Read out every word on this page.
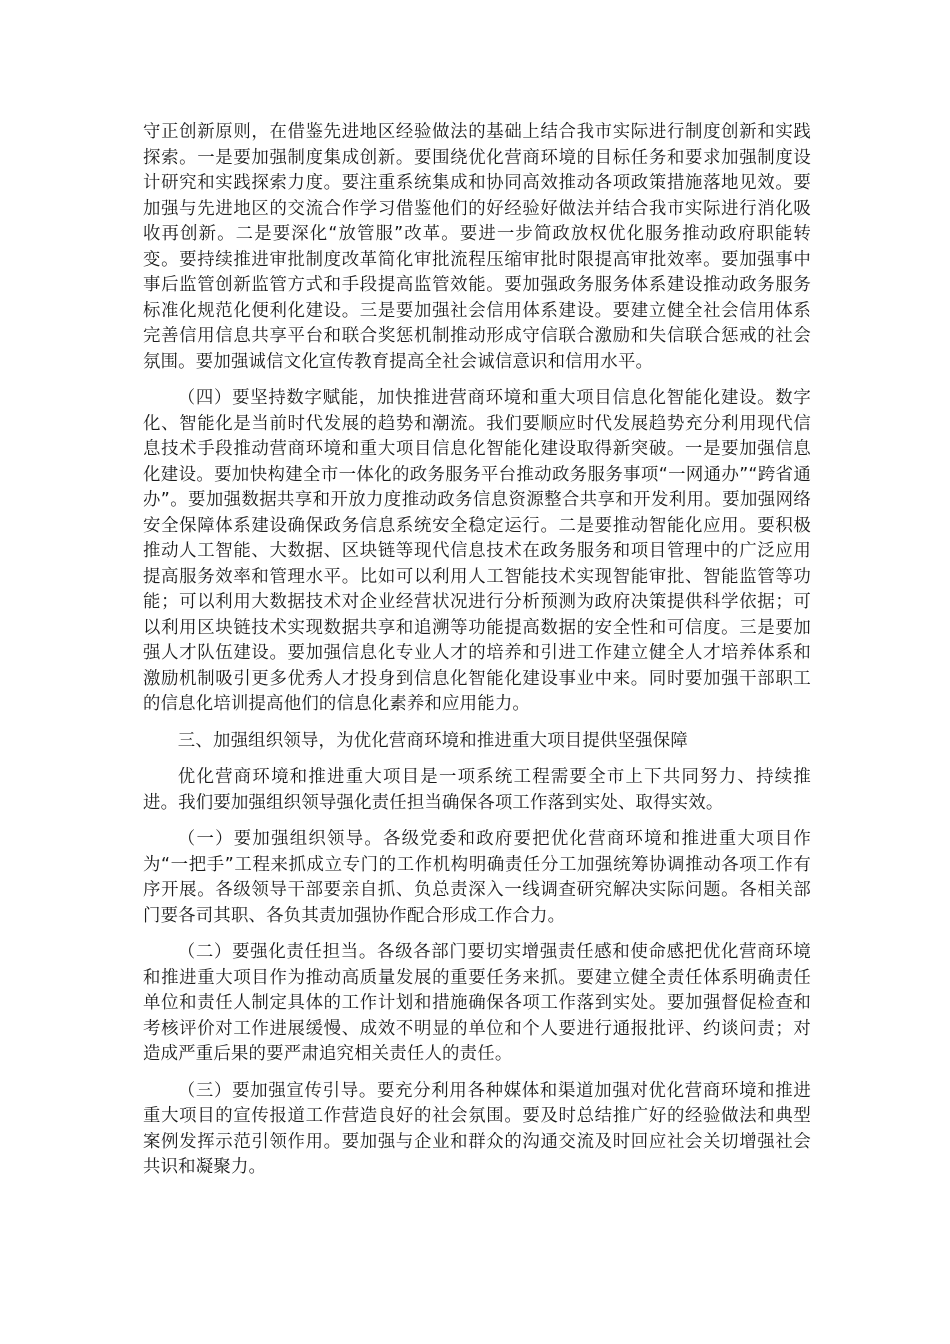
守正创新原则，在借鉴先进地区经验做法的基础上结合我市实际进行制度创新和实践探索。一是要加强制度集成创新。要围绕优化营商环境的目标任务和要求加强制度设计研究和实践探索力度。要注重系统集成和协同高效推动各项政策措施落地见效。要加强与先进地区的交流合作学习借鉴他们的好经验好做法并结合我市实际进行消化吸收再创新。二是要深化“放管服”改革。要进一步简政放权优化服务推动政府职能转变。要持续推进审批制度改革简化审批流程压缩审批时限提高审批效率。要加强事中事后监管创新监管方式和手段提高监管效能。要加强政务服务体系建设推动政务服务标准化规范化便利化建设。三是要加强社会信用体系建设。要建立健全社会信用体系完善信用信息共享平台和联合奖惩机制推动形成守信联合激励和失信联合惩戒的社会氛围。要加强诚信文化宣传教育提高全社会诚信意识和信用水平。

（四）要坚持数字赋能，加快推进营商环境和重大项目信息化智能化建设。数字化、智能化是当前时代发展的趋势和潮流。我们要顺应时代发展趋势充分利用现代信息技术手段推动营商环境和重大项目信息化智能化建设取得新突破。一是要加强信息化建设。要加快构建全市一体化的政务服务平台推动政务服务事项“一网通办”“跨省通办”。要加强数据共享和开放力度推动政务信息资源整合共享和开发利用。要加强网络安全保障体系建设确保政务信息系统安全稳定运行。二是要推动智能化应用。要积极推动人工智能、大数据、区块链等现代信息技术在政务服务和项目管理中的广泛应用提高服务效率和管理水平。比如可以利用人工智能技术实现智能审批、智能监管等功能；可以利用大数据技术对企业经营状况进行分析预测为政府决策提供科学依据；可以利用区块链技术实现数据共享和追溯等功能提高数据的安全性和可信度。三是要加强人才队伍建设。要加强信息化专业人才的培养和引进工作建立健全人才培养体系和激励机制吸引更多优秀人才投身到信息化智能化建设事业中来。同时要加强干部职工的信息化培训提高他们的信息化素养和应用能力。

三、加强组织领导，为优化营商环境和推进重大项目提供坚强保障

优化营商环境和推进重大项目是一项系统工程需要全市上下共同努力、持续推进。我们要加强组织领导强化责任担当确保各项工作落到实处、取得实效。

（一）要加强组织领导。各级党委和政府要把优化营商环境和推进重大项目作为“一把手”工程来抓成立专门的工作机构明确责任分工加强统筹协调推动各项工作有序开展。各级领导干部要亲自抓、负总责深入一线调查研究解决实际问题。各相关部门要各司其职、各负其责加强协作配合形成工作合力。

（二）要强化责任担当。各级各部门要切实增强责任感和使命感把优化营商环境和推进重大项目作为推动高质量发展的重要任务来抓。要建立健全责任体系明确责任单位和责任人制定具体的工作计划和措施确保各项工作落到实处。要加强督促检查和考核评价对工作进展缓慢、成效不明显的单位和个人要进行通报批评、约谈问责；对造成严重后果的要严肃追究相关责任人的责任。

（三）要加强宣传引导。要充分利用各种媒体和渠道加强对优化营商环境和推进重大项目的宣传报道工作营造良好的社会氛围。要及时总结推广好的经验做法和典型案例发挥示范引领作用。要加强与企业和群众的沟通交流及时回应社会关切增强社会共识和凝聚力。
